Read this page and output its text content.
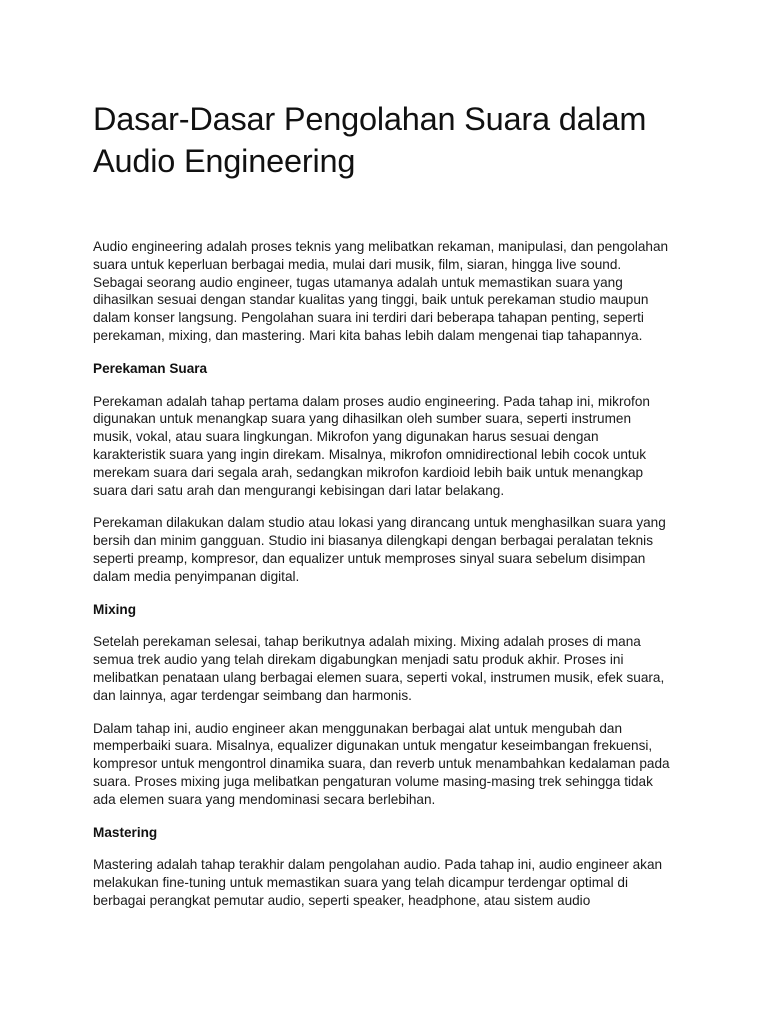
Dasar-Dasar Pengolahan Suara dalam Audio Engineering

Audio engineering adalah proses teknis yang melibatkan rekaman, manipulasi, dan pengolahan suara untuk keperluan berbagai media, mulai dari musik, film, siaran, hingga live sound. Sebagai seorang audio engineer, tugas utamanya adalah untuk memastikan suara yang dihasilkan sesuai dengan standar kualitas yang tinggi, baik untuk perekaman studio maupun dalam konser langsung. Pengolahan suara ini terdiri dari beberapa tahapan penting, seperti perekaman, mixing, dan mastering. Mari kita bahas lebih dalam mengenai tiap tahapannya.

Perekaman Suara

Perekaman adalah tahap pertama dalam proses audio engineering. Pada tahap ini, mikrofon digunakan untuk menangkap suara yang dihasilkan oleh sumber suara, seperti instrumen musik, vokal, atau suara lingkungan. Mikrofon yang digunakan harus sesuai dengan karakteristik suara yang ingin direkam. Misalnya, mikrofon omnidirectional lebih cocok untuk merekam suara dari segala arah, sedangkan mikrofon kardioid lebih baik untuk menangkap suara dari satu arah dan mengurangi kebisingan dari latar belakang.

Perekaman dilakukan dalam studio atau lokasi yang dirancang untuk menghasilkan suara yang bersih dan minim gangguan. Studio ini biasanya dilengkapi dengan berbagai peralatan teknis seperti preamp, kompresor, dan equalizer untuk memproses sinyal suara sebelum disimpan dalam media penyimpanan digital.

Mixing

Setelah perekaman selesai, tahap berikutnya adalah mixing. Mixing adalah proses di mana semua trek audio yang telah direkam digabungkan menjadi satu produk akhir. Proses ini melibatkan penataan ulang berbagai elemen suara, seperti vokal, instrumen musik, efek suara, dan lainnya, agar terdengar seimbang dan harmonis.

Dalam tahap ini, audio engineer akan menggunakan berbagai alat untuk mengubah dan memperbaiki suara. Misalnya, equalizer digunakan untuk mengatur keseimbangan frekuensi, kompresor untuk mengontrol dinamika suara, dan reverb untuk menambahkan kedalaman pada suara. Proses mixing juga melibatkan pengaturan volume masing-masing trek sehingga tidak ada elemen suara yang mendominasi secara berlebihan.

Mastering

Mastering adalah tahap terakhir dalam pengolahan audio. Pada tahap ini, audio engineer akan melakukan fine-tuning untuk memastikan suara yang telah dicampur terdengar optimal di berbagai perangkat pemutar audio, seperti speaker, headphone, atau sistem audio
